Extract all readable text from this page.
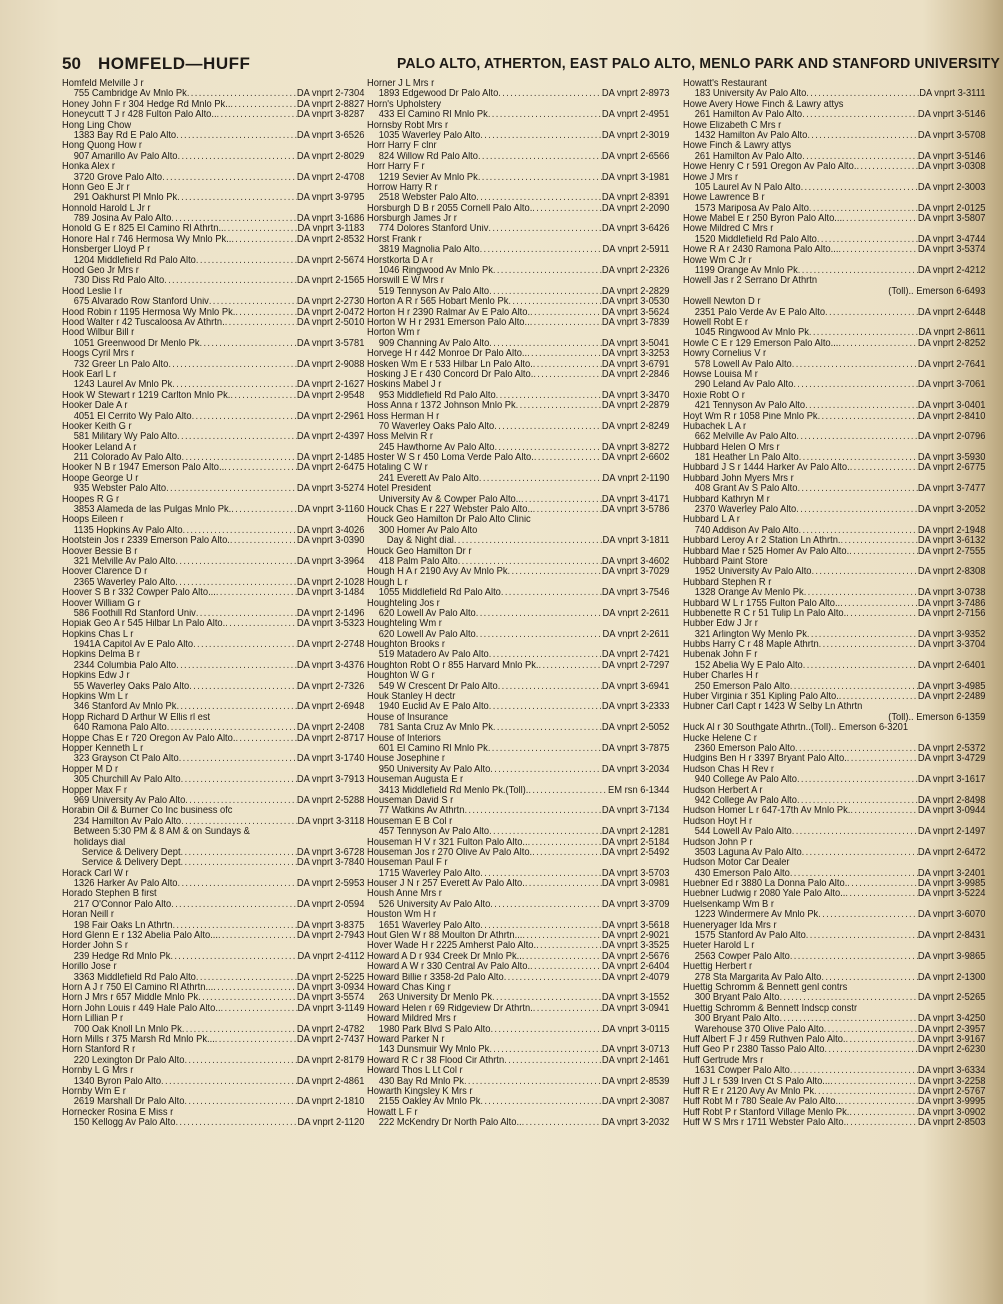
50 HOMFELD—HUFF	PALO ALTO, ATHERTON, EAST PALO ALTO, MENLO PARK AND STANFORD UNIVERSITY
Homfeld Melville J r
755 Cambridge Av Mnlo Pk .....	DA vnprt 2-7304
Honey John F r 304 Hedge Rd Mnlo Pk.. .....	DA vnprt 2-8827
Honeycutt T J r 428 Fulton Palo Alto.. .....	DA vnprt 3-8287
Hong Ling Chow
1383 Bay Rd E Palo Alto .....	DA vnprt 3-6526
Hong Quong How r
907 Amarillo Av Palo Alto .....	DA vnprt 2-8029
Honka Alex r
3720 Grove Palo Alto .....	DA vnprt 2-4708
Honn Geo E Jr r
291 Oakhurst Pl Mnlo Pk .....	DA vnprt 3-9795
Honnold Harold L Jr r
789 Josina Av Palo Alto .....	DA vnprt 3-1686
Honold G E r 825 El Camino Rl Athrtn.. .....	DA vnprt 3-1183
Honore Hal r 746 Hermosa Wy Mnlo Pk.. .....	DA vnprt 2-8532
Honsberger Lloyd P r
1204 Middlefield Rd Palo Alto .....	DA vnprt 2-5674
Hood Geo Jr Mrs r
730 Diss Rd Palo Alto .....	DA vnprt 2-1565
Hood Leslie I r
675 Alvarado Row Stanford Univ .....	DA vnprt 2-2730
Hood Robin r 1195 Hermosa Wy Mnlo Pk. .....	DA vnprt 2-0472
Hood Walter r 42 Tuscaloosa Av Athrtn. .....	DA vnprt 2-5010
Hood Wilbur Bill r
1051 Greenwood Dr Menlo Pk .....	DA vnprt 3-5781
Hoogs Cyril Mrs r
732 Greer Ln Palo Alto .....	DA vnprt 2-9088
Hook Earl L r
1243 Laurel Av Mnlo Pk .....	DA vnprt 2-1627
Hook W Stewart r 1219 Carlton Mnlo Pk. .....	DA vnprt 2-9548
Hooker Dale A r
4051 El Cerrito Wy Palo Alto .....	DA vnprt 2-2961
Hooker Keith G r
581 Military Wy Palo Alto .....	DA vnprt 2-4397
Hooker Leland A r
211 Colorado Av Palo Alto .....	DA vnprt 2-1485
Hooker N B r 1947 Emerson Palo Alto.. .....	DA vnprt 2-6475
Hoope George U r
935 Webster Palo Alto .....	DA vnprt 3-5274
Hoopes R G r
3853 Alameda de las Pulgas Mnlo Pk. .....	DA vnprt 3-1160
Hoops Eileen r
1135 Hopkins Av Palo Alto .....	DA vnprt 3-4026
Hootstein Jos r 2339 Emerson Palo Alto. .....	DA vnprt 3-0390
Hoover Bessie B r
321 Melville Av Palo Alto .....	DA vnprt 3-3964
Hoover Clarence D r
2365 Waverley Palo Alto .....	DA vnprt 2-1028
Hoover S B r 332 Cowper Palo Alto... .....	DA vnprt 3-1484
Hoover William G r
586 Foothill Rd Stanford Univ .....	DA vnprt 2-1496
Hopiak Geo A r 545 Hilbar Ln Palo Alto. .....	DA vnprt 3-5323
Hopkins Chas L r
1941A Capitol Av E Palo Alto .....	DA vnprt 2-2748
Hopkins Delma B r
2344 Columbia Palo Alto .....	DA vnprt 3-4376
Hopkins Edw J r
55 Waverley Oaks Palo Alto .....	DA vnprt 2-7326
Hopkins Wm L r
346 Stanford Av Mnlo Pk .....	DA vnprt 2-6948
Hopp Richard D Arthur W Ellis rl est
640 Ramona Palo Alto .....	DA vnprt 2-2408
Hoppe Chas E r 720 Oregon Av Palo Alto. .....	DA vnprt 2-8717
Hopper Kenneth L r
323 Grayson Ct Palo Alto .....	DA vnprt 3-1740
Hopper M D r
305 Churchill Av Palo Alto .....	DA vnprt 3-7913
Hopper Max F r
969 University Av Palo Alto .....	DA vnprt 2-5288
Horabin Oil & Burner Co Inc business ofc
234 Hamilton Av Palo Alto .....	DA vnprt 3-3118
Between 5:30 PM & 8 AM & on Sundays &
holidays dial
Service & Delivery Dept .....	DA vnprt 3-6728
Service & Delivery Dept .....	DA vnprt 3-7840
Horack Carl W r
1326 Harker Av Palo Alto .....	DA vnprt 2-5953
Horado Stephen B first
217 O'Connor Palo Alto .....	DA vnprt 2-0594
Horan Neill r
198 Fair Oaks Ln Athrtn .....	DA vnprt 3-8375
Hord Glenn E r 132 Abelia Palo Alto... .....	DA vnprt 2-7943
Horder John S r
239 Hedge Rd Mnlo Pk .....	DA vnprt 2-4112
Horillo Jose r
3363 Middlefield Rd Palo Alto .....	DA vnprt 2-5225
Horn A J r 750 El Camino Rl Athrtn... .....	DA vnprt 3-0934
Horn J Mrs r 657 Middle Mnlo Pk .....	DA vnprt 3-5574
Horn John Louis r 449 Hale Palo Alto.. .....	DA vnprt 3-1149
Horn Lillian P r
700 Oak Knoll Ln Mnlo Pk .....	DA vnprt 2-4782
Horn Mills r 375 Marsh Rd Mnlo Pk... .....	DA vnprt 2-7437
Horn Stanford R r
220 Lexington Dr Palo Alto .....	DA vnprt 2-8179
Hornby L G Mrs r
1340 Byron Palo Alto .....	DA vnprt 2-4861
Hornby Wm E r
2619 Marshall Dr Palo Alto .....	DA vnprt 2-1810
Hornecker Rosina E Miss r
150 Kellogg Av Palo Alto .....	DA vnprt 2-1120
Horner J L Mrs r
1893 Edgewood Dr Palo Alto .....	DA vnprt 2-8973
Horn's Upholstery
433 El Camino Rl Mnlo Pk .....	DA vnprt 2-4951
Hornsby Robt Mrs r
1035 Waverley Palo Alto .....	DA vnprt 2-3019
Horr Harry F clnr
824 Willow Rd Palo Alto .....	DA vnprt 2-6566
Horr Harry F r
1219 Sevier Av Mnlo Pk .....	DA vnprt 3-1981
Horrow Harry R r
2518 Webster Palo Alto .....	DA vnprt 2-8391
Horsburgh D B r 2055 Cornell Palo Alto. .....	DA vnprt 2-2090
Horsburgh James Jr r
774 Dolores Stanford Univ .....	DA vnprt 3-6426
Horst Frank r
3819 Magnolia Palo Alto .....	DA vnprt 2-5911
Horstkorta D A r
1046 Ringwood Av Mnlo Pk .....	DA vnprt 2-2326
Horswill E W Mrs r
519 Tennyson Av Palo Alto .....	DA vnprt 2-2829
Horton A R r 565 Hobart Menlo Pk .....	DA vnprt 3-0530
Horton H r 2390 Ralmar Av E Palo Alto. .....	DA vnprt 3-5624
Horton W H r 2931 Emerson Palo Alto.. .....	DA vnprt 3-7839
Horton Wm r
909 Channing Av Palo Alto .....	DA vnprt 3-5041
Horvege H r 442 Monroe Dr Palo Alto.. .....	DA vnprt 3-3253
Hosken Wm E r 533 Hilbar Ln Palo Alto. .....	DA vnprt 3-6791
Hosking J E r 430 Concord Dr Palo Alto. .....	DA vnprt 2-2846
Hoskins Mabel J r
953 Middlefield Rd Palo Alto .....	DA vnprt 3-3470
Hoss Anna r 1372 Johnson Mnlo Pk .....	DA vnprt 2-2879
Hoss Herman H r
70 Waverley Oaks Palo Alto .....	DA vnprt 2-8249
Hoss Melvin R r
245 Hawthorne Av Palo Alto .....	DA vnprt 3-8272
Hoster W S r 450 Loma Verde Palo Alto. .....	DA vnprt 2-6602
Hotaling C W r
241 Everett Av Palo Alto .....	DA vnprt 2-1190
Hotel President
University Av & Cowper Palo Alto.. .....	DA vnprt 3-4171
Houck Chas E r 227 Webster Palo Alto.. .....	DA vnprt 3-5786
Houck Geo Hamilton Dr Palo Alto Clinic
300 Homer Av Palo Alto
Day & Night dial .....	DA vnprt 3-1811
Houck Geo Hamilton Dr r
418 Palm Palo Alto .....	DA vnprt 3-4602
Hough H A r 2190 Avy Av Mnlo Pk .....	DA vnprt 3-7029
Hough L r
1055 Middlefield Rd Palo Alto .....	DA vnprt 3-7546
Houghteling Jos r
620 Lowell Av Palo Alto .....	DA vnprt 2-2611
Houghteling Wm r
620 Lowell Av Palo Alto .....	DA vnprt 2-2611
Houghton Brooks r
519 Matadero Av Palo Alto .....	DA vnprt 2-7421
Houghton Robt O r 855 Harvard Mnlo Pk. .....	DA vnprt 2-7297
Houghton W G r
549 W Crescent Dr Palo Alto .....	DA vnprt 3-6941
Houk Stanley H dectr
1940 Euclid Av E Palo Alto .....	DA vnprt 3-2333
House of Insurance
781 Santa Cruz Av Mnlo Pk .....	DA vnprt 2-5052
House of Interiors
601 El Camino Rl Mnlo Pk .....	DA vnprt 3-7875
House Josephine r
950 University Av Palo Alto .....	DA vnprt 3-2034
Houseman Augusta E r
3413 Middlefield Rd Menlo Pk.(Toll). .....	EM rsn 6-1344
Houseman David S r
77 Watkins Av Athrtn .....	DA vnprt 3-7134
Houseman E B Col r
457 Tennyson Av Palo Alto .....	DA vnprt 2-1281
Houseman H V r 321 Fulton Palo Alto.. .....	DA vnprt 2-5184
Houseman Jos r 270 Olive Av Palo Alto. .....	DA vnprt 2-5492
Houseman Paul F r
1715 Waverley Palo Alto .....	DA vnprt 3-5703
Houser J N r 257 Everett Av Palo Alto. .....	DA vnprt 3-0981
Housh Anne Mrs r
526 University Av Palo Alto .....	DA vnprt 3-3709
Houston Wm H r
1651 Waverley Palo Alto .....	DA vnprt 3-5618
Hout Glen W r 88 Moulton Dr Athrtn... .....	DA vnprt 2-9021
Hover Wade H r 2225 Amherst Palo Alto. .....	DA vnprt 3-3525
Howard A D r 934 Creek Dr Mnlo Pk.. .....	DA vnprt 2-5676
Howard A W r 330 Central Av Palo Alto. .....	DA vnprt 2-6404
Howard Billie r 3358-2d Palo Alto .....	DA vnprt 2-4079
Howard Chas King r
263 University Dr Menlo Pk .....	DA vnprt 3-1552
Howard Helen r 69 Ridgeview Dr Athrtn. .....	DA vnprt 3-0941
Howard Mildred Mrs r
1980 Park Blvd S Palo Alto .....	DA vnprt 3-0115
Howard Parker N r
143 Dunsmuir Wy Mnlo Pk .....	DA vnprt 3-0713
Howard R C r 38 Flood Cir Athrtn .....	DA vnprt 2-1461
Howard Thos L Lt Col r
430 Bay Rd Mnlo Pk .....	DA vnprt 2-8539
Howarth Kingsley K Mrs r
2155 Oakley Av Mnlo Pk .....	DA vnprt 2-3087
Howatt L F r
222 McKendry Dr North Palo Alto.. .....	DA vnprt 3-2032
Howatt's Restaurant
183 University Av Palo Alto .....	DA vnprt 3-3111
Howe Avery Howe Finch & Lawry attys
261 Hamilton Av Palo Alto .....	DA vnprt 3-5146
Howe Elizabeth C Mrs r
1432 Hamilton Av Palo Alto .....	DA vnprt 3-5708
Howe Finch & Lawry attys
261 Hamilton Av Palo Alto .....	DA vnprt 3-5146
Howe Henry C r 591 Oregon Av Palo Alto. .....	DA vnprt 3-0308
Howe J Mrs r
105 Laurel Av N Palo Alto .....	DA vnprt 2-3003
Howe Lawrence B r
1573 Mariposa Av Palo Alto .....	DA vnprt 2-0125
Howe Mabel E r 250 Byron Palo Alto... .....	DA vnprt 3-5807
Howe Mildred C Mrs r
1520 Middlefield Rd Palo Alto .....	DA vnprt 3-4744
Howe R A r 2430 Ramona Palo Alto... .....	DA vnprt 3-5374
Howe Wm C Jr r
1199 Orange Av Mnlo Pk .....	DA vnprt 2-4212
Howell Jas r 2 Serrano Dr Athrtn
(Toll).. Emerson 6-6493
Howell Newton D r
2351 Palo Verde Av E Palo Alto .....	DA vnprt 2-6448
Howell Robt E r
1045 Ringwood Av Mnlo Pk .....	DA vnprt 2-8611
Howle C E r 129 Emerson Palo Alto... .....	DA vnprt 2-8252
Howry Cornelius V r
578 Lowell Av Palo Alto .....	DA vnprt 2-7641
Howse Louisa M r
290 Leland Av Palo Alto .....	DA vnprt 3-7061
Hoxie Robt O r
421 Tennyson Av Palo Alto .....	DA vnprt 3-0401
Hoyt Wm R r 1058 Pine Mnlo Pk .....	DA vnprt 2-8410
Hubachek L A r
662 Melville Av Palo Alto .....	DA vnprt 2-0796
Hubbard Helen O Mrs r
181 Heather Ln Palo Alto .....	DA vnprt 3-5930
Hubbard J S r 1444 Harker Av Palo Alto. .....	DA vnprt 2-6775
Hubbard John Myers Mrs r
408 Grant Av S Palo Alto .....	DA vnprt 3-7477
Hubbard Kathryn M r
2370 Waverley Palo Alto .....	DA vnprt 3-2052
Hubbard L A r
740 Addison Av Palo Alto .....	DA vnprt 2-1948
Hubbard Leroy A r 2 Station Ln Athrtn. .....	DA vnprt 3-6132
Hubbard Mae r 525 Homer Av Palo Alto. .....	DA vnprt 2-7555
Hubbard Paint Store
1952 University Av Palo Alto .....	DA vnprt 2-8308
Hubbard Stephen R r
1328 Orange Av Menlo Pk .....	DA vnprt 3-0738
Hubbard W L r 1755 Fulton Palo Alto.. .....	DA vnprt 3-7486
Hubbenette R C r 51 Tulip Ln Palo Alto. .....	DA vnprt 2-7156
Hubber Edw J Jr r
321 Arlington Wy Menlo Pk .....	DA vnprt 3-9352
Hubbs Harry C r 48 Maple Athrtn .....	DA vnprt 3-3704
Hubenak John F r
152 Abelia Wy E Palo Alto .....	DA vnprt 2-6401
Huber Charles H r
250 Emerson Palo Alto .....	DA vnprt 3-4985
Huber Virginia r 351 Kipling Palo Alto. .....	DA vnprt 2-2489
Hubner Carl Capt r 1423 W Selby Ln Athrtn
(Toll).. Emerson 6-1359
Huck Al r 30 Southgate Athrtn..(Toll).. Emerson 6-3201
Hucke Helene C r
2360 Emerson Palo Alto .....	DA vnprt 2-5372
Hudgins Ben H r 3397 Bryant Palo Alto. .....	DA vnprt 3-4729
Hudson Chas H Rev r
940 College Av Palo Alto .....	DA vnprt 3-1617
Hudson Herbert A r
942 College Av Palo Alto .....	DA vnprt 2-8498
Hudson Homer L r 647-17th Av Mnlo Pk. .....	DA vnprt 3-0944
Hudson Hoyt H r
544 Lowell Av Palo Alto .....	DA vnprt 2-1497
Hudson John P r
3503 Laguna Av Palo Alto .....	DA vnprt 2-6472
Hudson Motor Car Dealer
430 Emerson Palo Alto .....	DA vnprt 3-2401
Huebner Ed r 3880 La Donna Palo Alto. .....	DA vnprt 3-9985
Huebner Ludwig r 2080 Yale Palo Alto.. .....	DA vnprt 3-5224
Huelsenkamp Wm B r
1223 Windermere Av Mnlo Pk .....	DA vnprt 3-6070
Hueneryager Ida Mrs r
1575 Stanford Av Palo Alto .....	DA vnprt 2-8431
Hueter Harold L r
2563 Cowper Palo Alto .....	DA vnprt 3-9865
Huettig Herbert r
278 Sta Margarita Av Palo Alto .....	DA vnprt 2-1300
Huettig Schromm & Bennett genl contrs
300 Bryant Palo Alto .....	DA vnprt 2-5265
Huettig Schromm & Bennett Indscp constr
300 Bryant Palo Alto .....	DA vnprt 3-4250
Warehouse 370 Olive Palo Alto .....	DA vnprt 2-3957
Huff Albert F J r 459 Ruthven Palo Alto. .....	DA vnprt 3-9167
Huff Geo P r 2380 Tasso Palo Alto .....	DA vnprt 2-6230
Huff Gertrude Mrs r
1631 Cowper Palo Alto .....	DA vnprt 3-6334
Huff J L r 539 Irven Ct S Palo Alto... .....	DA vnprt 3-2258
Huff R E r 2120 Avy Av Mnlo Pk .....	DA vnprt 2-5767
Huff Robt M r 780 Seale Av Palo Alto.. .....	DA vnprt 3-9995
Huff Robt P r Stanford Village Menlo Pk. .....	DA vnprt 3-0902
Huff W S Mrs r 1711 Webster Palo Alto. .....	DA vnprt 2-8503
